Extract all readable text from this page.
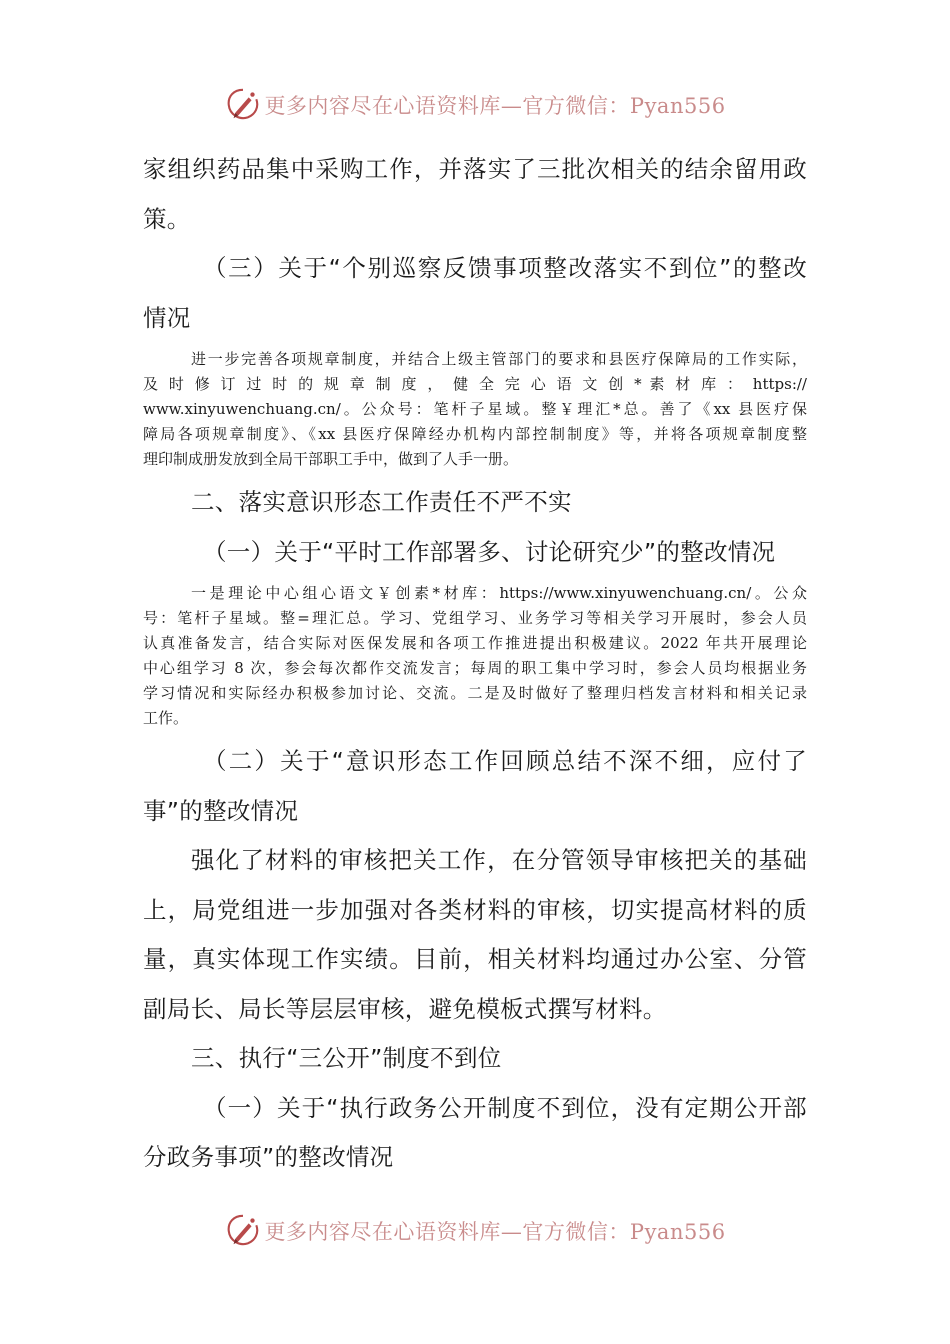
更多内容尽在心语资料库—官方微信：Pyan556

家组织药品集中采购工作，并落实了三批次相关的结余留用政

策。

（三）关于“个别巡察反馈事项整改落实不到位”的整改

情况

进一步完善各项规章制度，并结合上级主管部门的要求和县医疗保障局的工作实际，
及 时 修 订 过 时 的 规 章 制 度 ， 健 全 完 心 语 文 创 * 素 材 库 ： https://
www.xinyuwenchuang.cn/。公众号：笔杆子星域。整￥理汇*总。善了《xx 县医疗保
障局各项规章制度》、《xx 县医疗保障经办机构内部控制制度》等，并将各项规章制度整
理印制成册发放到全局干部职工手中，做到了人手一册。

二、落实意识形态工作责任不严不实

（一）关于“平时工作部署多、讨论研究少”的整改情况

一是理论中心组心语文￥创素*材库：https://www.xinyuwenchuang.cn/。公众
号：笔杆子星域。整=理汇总。学习、党组学习、业务学习等相关学习开展时，参会人员
认真准备发言，结合实际对医保发展和各项工作推进提出积极建议。2022 年共开展理论
中心组学习 8 次，参会每次都作交流发言；每周的职工集中学习时，参会人员均根据业务
学习情况和实际经办积极参加讨论、交流。二是及时做好了整理归档发言材料和相关记录
工作。

（二）关于“意识形态工作回顾总结不深不细，应付了

事”的整改情况

强化了材料的审核把关工作，在分管领导审核把关的基础

上，局党组进一步加强对各类材料的审核，切实提高材料的质

量，真实体现工作实绩。目前，相关材料均通过办公室、分管

副局长、局长等层层审核，避免模板式撰写材料。

三、执行“三公开”制度不到位

（一）关于“执行政务公开制度不到位，没有定期公开部

分政务事项”的整改情况

更多内容尽在心语资料库—官方微信：Pyan556
